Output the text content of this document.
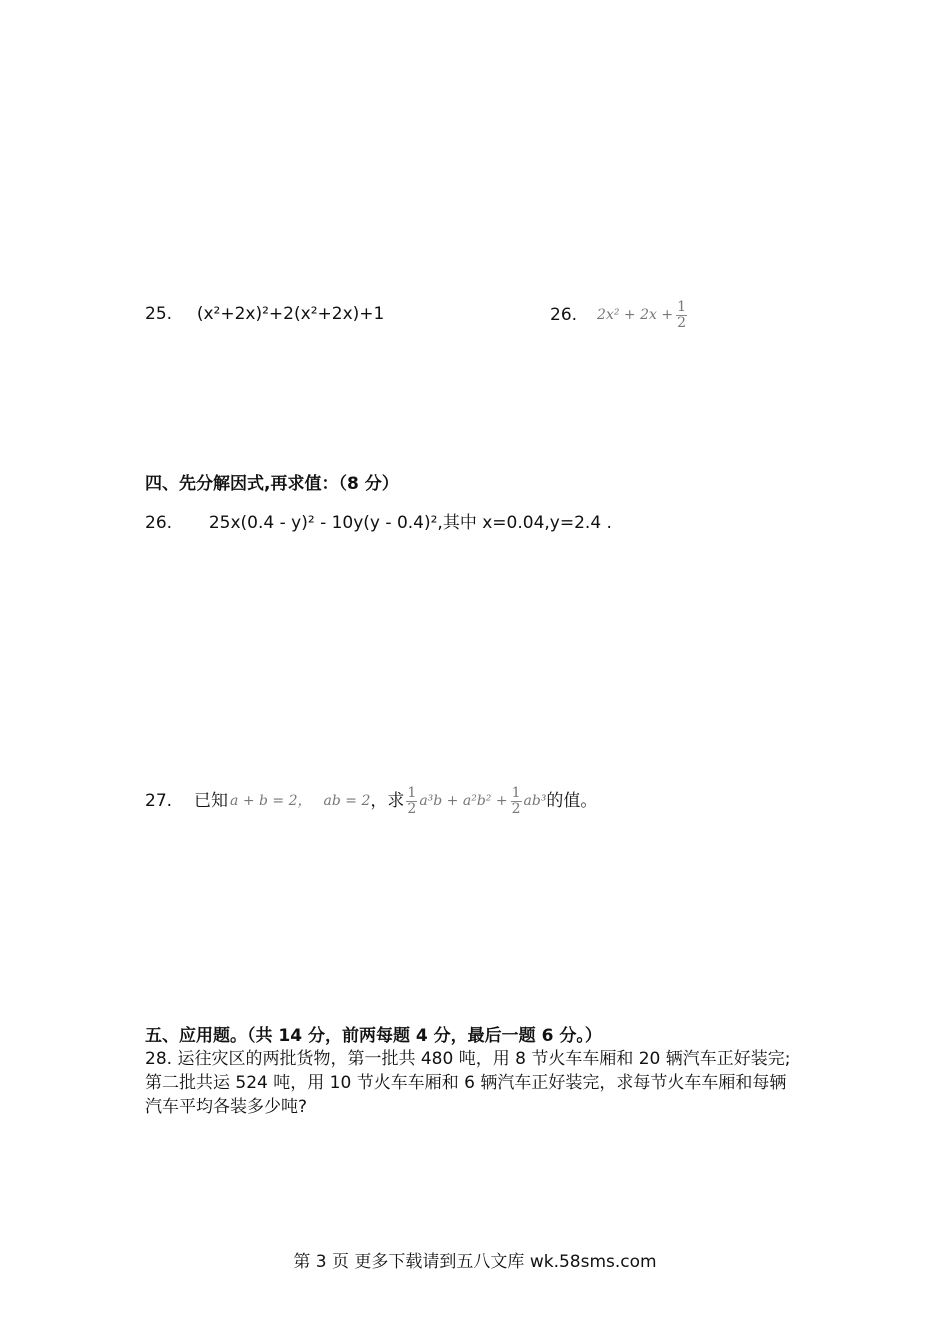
25. (x²+2x)²+2(x²+2x)+1	26. $2x^2 + 2x + \frac{1}{2}$
四、先分解因式,再求值：（8 分）
26. 25x(0.4 - y)² - 10y(y - 0.4)²,其中 x=0.04,y=2.4 .
27. 已知 a + b = 2， ab = 2 ，求 $\frac{1}{2} a^3b + a^2b^2 + \frac{1}{2} ab^3$ 的值。
五、应用题。（共 14 分，前两每题 4 分，最后一题 6 分。）
28. 运往灾区的两批货物，第一批共 480 吨，用 8 节火车车厢和 20 辆汽车正好装完;
第二批共运 524 吨，用 10 节火车车厢和 6 辆汽车正好装完，求每节火车车厢和每辆
汽车平均各装多少吨?
第 3 页 更多下载请到五八文库 wk.58sms.com
